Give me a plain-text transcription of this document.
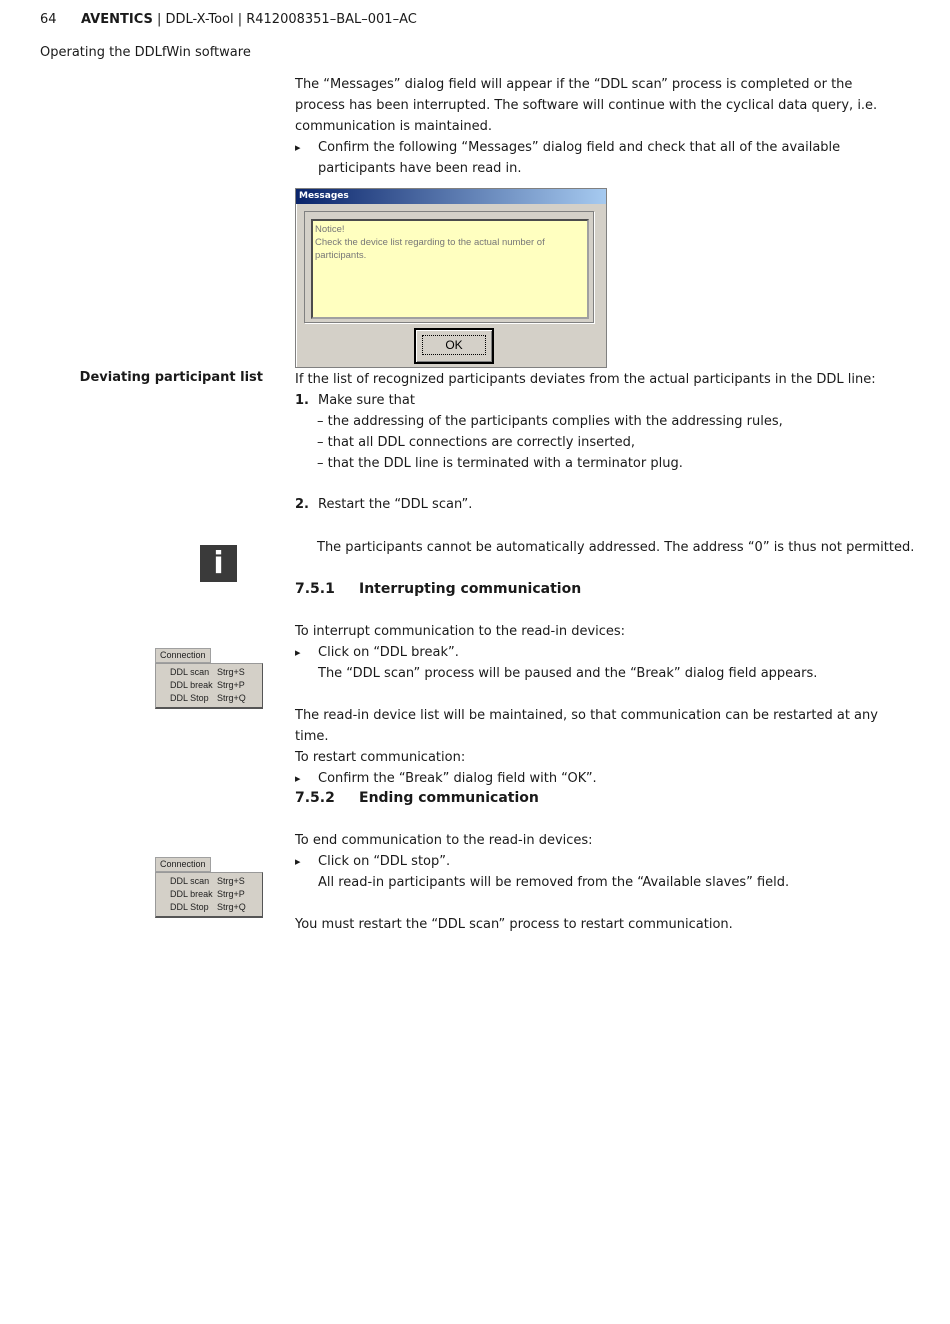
64 AVENTICS | DDL-X-Tool | R412008351–BAL–001–AC
Operating the DDLfWin software
The “Messages” dialog field will appear if the “DDL scan” process is completed or the process has been interrupted. The software will continue with the cyclical data query, i.e. communication is maintained.
▸ Confirm the following “Messages” dialog field and check that all of the available participants have been read in.
Messages
Notice!
Check the device list regarding to the actual number of participants.
OK
Deviating participant list If the list of recognized participants deviates from the actual participants in the DDL line:
1. Make sure that
– the addressing of the participants complies with the addressing rules,
– that all DDL connections are correctly inserted,
– that the DDL line is terminated with a terminator plug.
2. Restart the “DDL scan”.
i	The participants cannot be automatically addressed. The address “0” is thus not permitted.
7.5.1 Interrupting communication
To interrupt communication to the read-in devices:
▸ Click on “DDL break”.
The “DDL scan” process will be paused and the “Break” dialog field appears.
The read-in device list will be maintained, so that communication can be restarted at any time.
To restart communication:
▸ Confirm the “Break” dialog field with “OK”.
Connection
DDL scan Strg+S
DDL break Strg+P
DDL Stop Strg+Q
7.5.2 Ending communication
To end communication to the read-in devices:
▸ Click on “DDL stop”.
All read-in participants will be removed from the “Available slaves” field.
You must restart the “DDL scan” process to restart communication.
Connection
DDL scan Strg+S
DDL break Strg+P
DDL Stop Strg+Q
